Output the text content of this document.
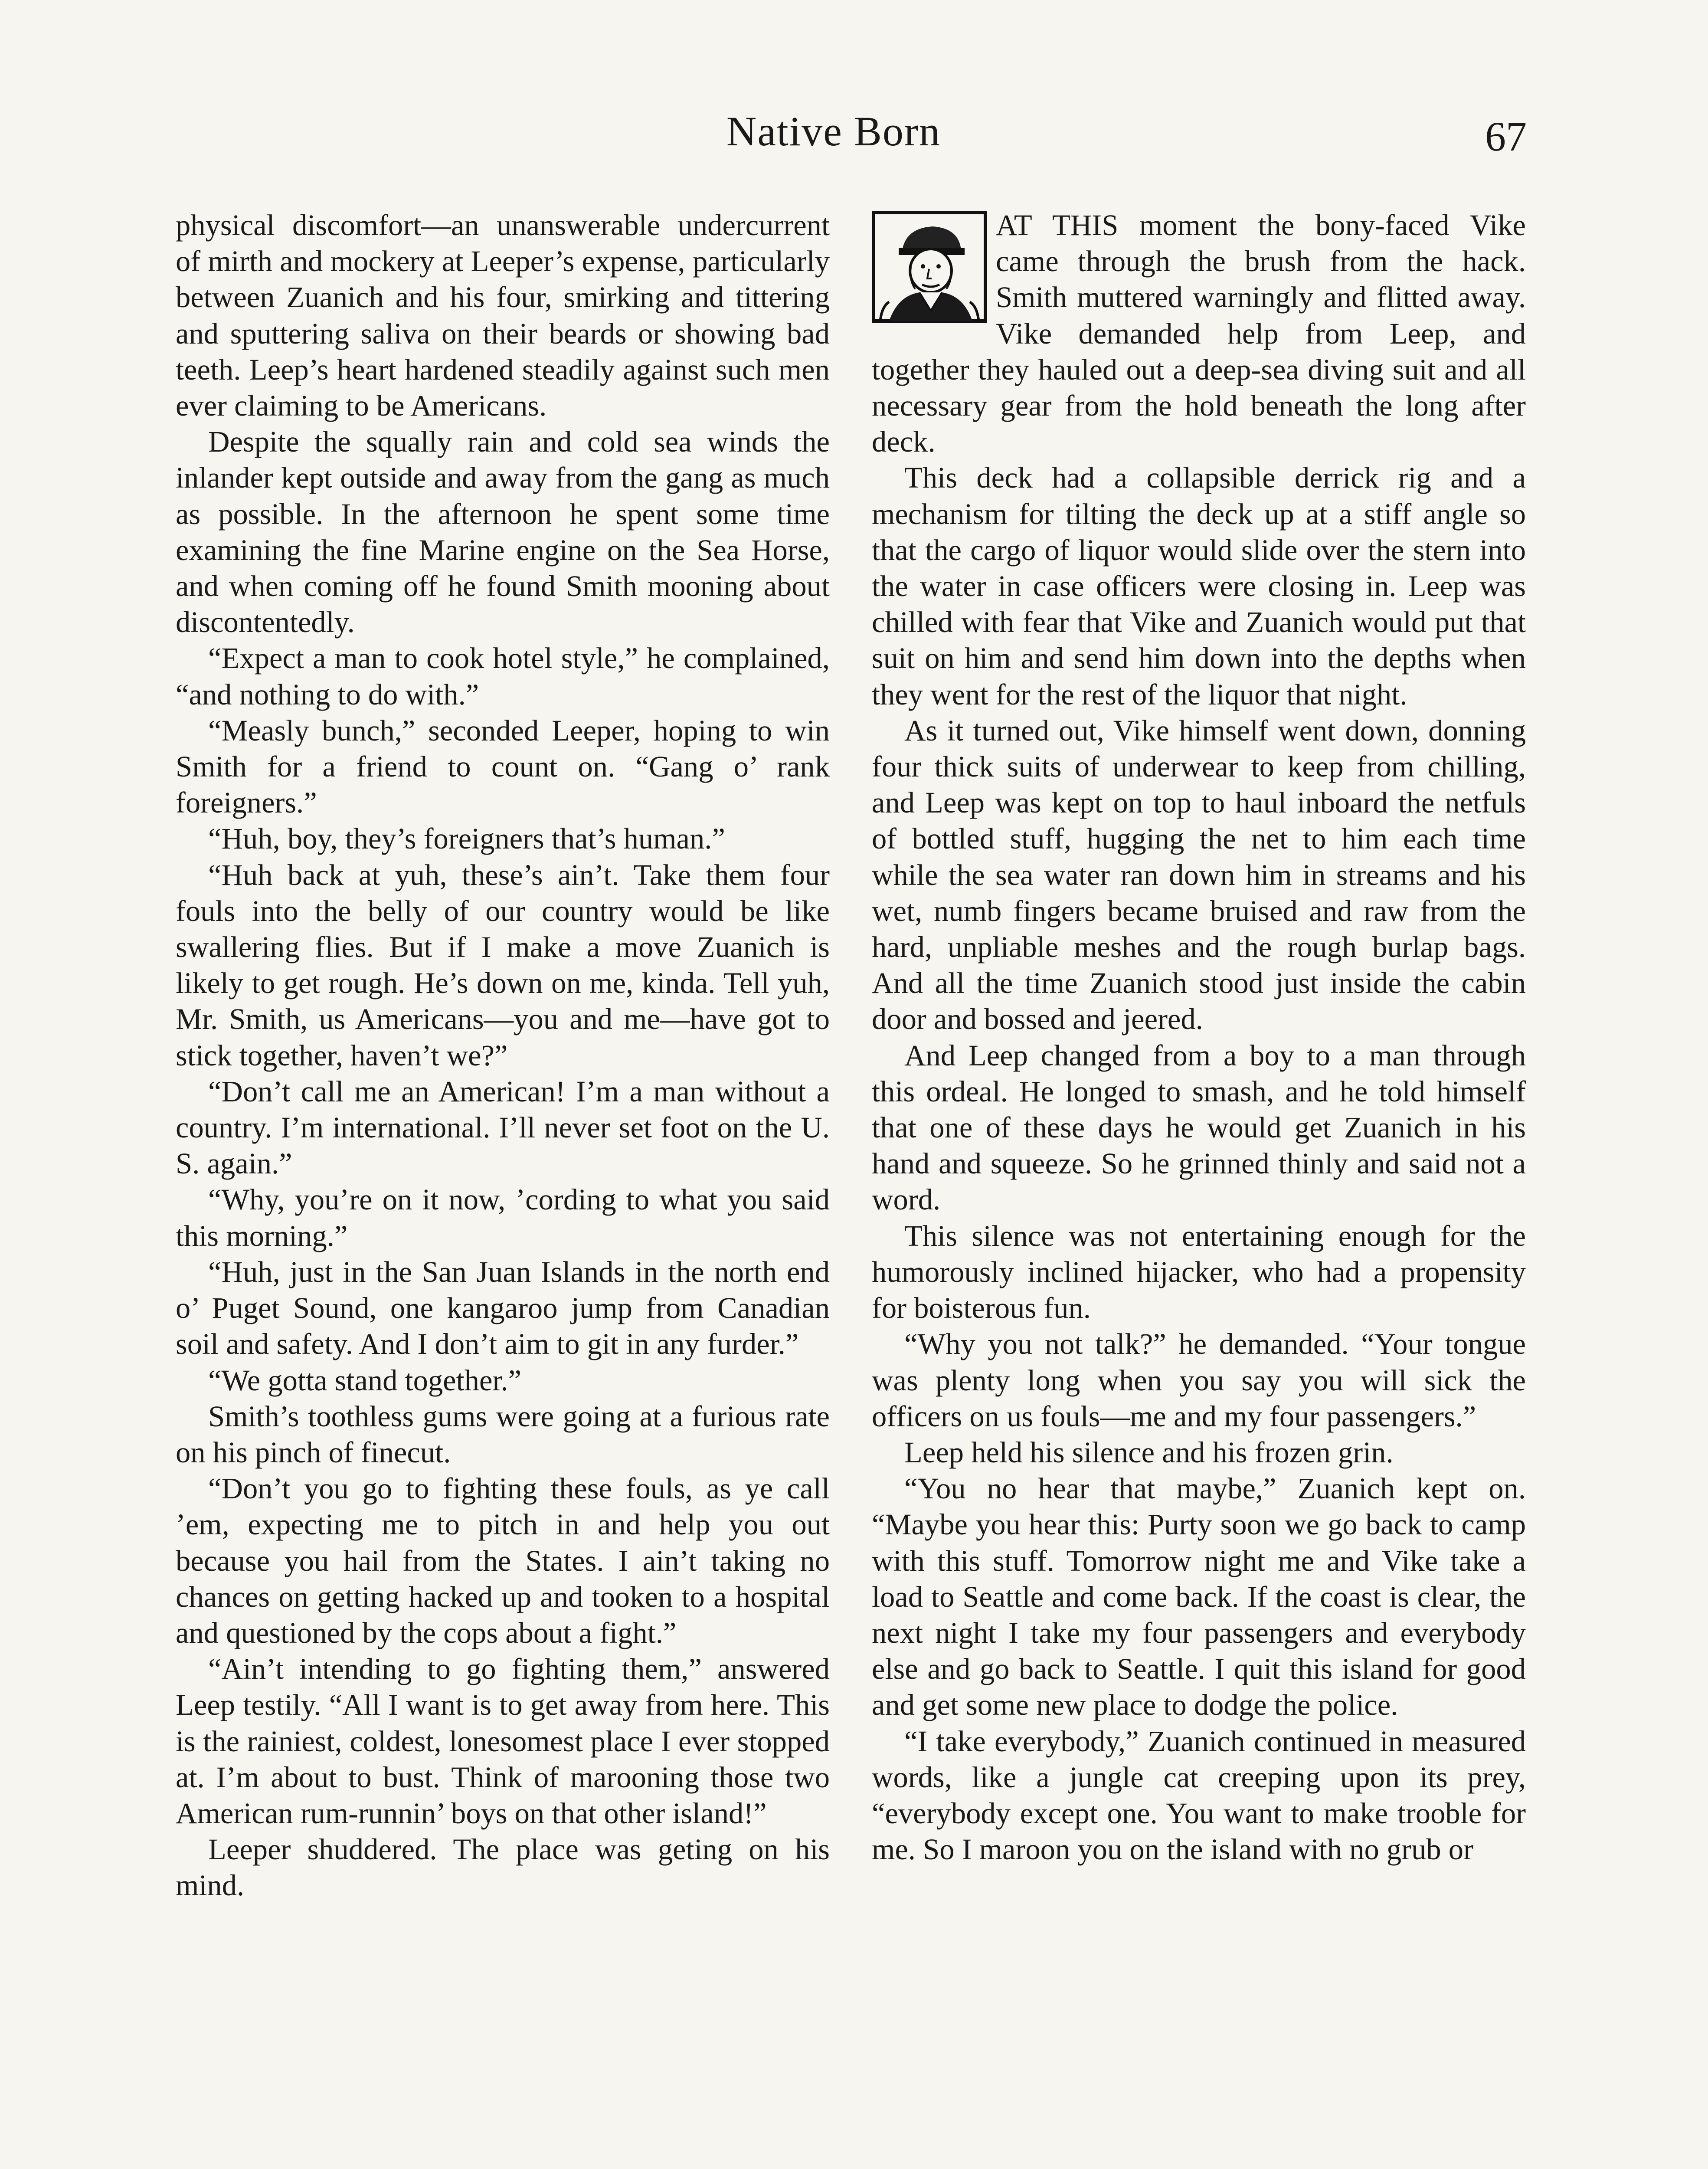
Native Born	67

physical discomfort—an unanswerable undercurrent of mirth and mockery at Leeper’s expense, particularly between Zuanich and his four, smirking and tittering and sputtering saliva on their beards or showing bad teeth. Leep’s heart hardened steadily against such men ever claiming to be Americans.

Despite the squally rain and cold sea winds the inlander kept outside and away from the gang as much as possible. In the afternoon he spent some time examining the fine Marine engine on the Sea Horse, and when coming off he found Smith mooning about discontentedly.

“Expect a man to cook hotel style,” he complained, “and nothing to do with.”

“Measly bunch,” seconded Leeper, hoping to win Smith for a friend to count on. “Gang o’ rank foreigners.”

“Huh, boy, they’s foreigners that’s human.”

“Huh back at yuh, these’s ain’t. Take them four fouls into the belly of our country would be like swallering flies. But if I make a move Zuanich is likely to get rough. He’s down on me, kinda. Tell yuh, Mr. Smith, us Americans—you and me—have got to stick together, haven’t we?”

“Don’t call me an American! I’m a man without a country. I’m international. I’ll never set foot on the U. S. again.”

“Why, you’re on it now, ’cording to what you said this morning.”

“Huh, just in the San Juan Islands in the north end o’ Puget Sound, one kangaroo jump from Canadian soil and safety. And I don’t aim to git in any furder.”

“We gotta stand together.”

Smith’s toothless gums were going at a furious rate on his pinch of finecut.

“Don’t you go to fighting these fouls, as ye call ’em, expecting me to pitch in and help you out because you hail from the States. I ain’t taking no chances on getting hacked up and tooken to a hospital and questioned by the cops about a fight.”

“Ain’t intending to go fighting them,” answered Leep testily. “All I want is to get away from here. This is the rainiest, coldest, lonesomest place I ever stopped at. I’m about to bust. Think of marooning those two American rum-runnin’ boys on that other island!”

Leeper shuddered. The place was geting on his mind.

AT THIS moment the bony-faced Vike came through the brush from the hack. Smith muttered warningly and flitted away. Vike demanded help from Leep, and together they hauled out a deep-sea diving suit and all necessary gear from the hold beneath the long after deck.

This deck had a collapsible derrick rig and a mechanism for tilting the deck up at a stiff angle so that the cargo of liquor would slide over the stern into the water in case officers were closing in. Leep was chilled with fear that Vike and Zuanich would put that suit on him and send him down into the depths when they went for the rest of the liquor that night.

As it turned out, Vike himself went down, donning four thick suits of underwear to keep from chilling, and Leep was kept on top to haul inboard the netfuls of bottled stuff, hugging the net to him each time while the sea water ran down him in streams and his wet, numb fingers became bruised and raw from the hard, unpliable meshes and the rough burlap bags. And all the time Zuanich stood just inside the cabin door and bossed and jeered.

And Leep changed from a boy to a man through this ordeal. He longed to smash, and he told himself that one of these days he would get Zuanich in his hand and squeeze. So he grinned thinly and said not a word.

This silence was not entertaining enough for the humorously inclined hijacker, who had a propensity for boisterous fun.

“Why you not talk?” he demanded. “Your tongue was plenty long when you say you will sick the officers on us fouls—me and my four passengers.”

Leep held his silence and his frozen grin.

“You no hear that maybe,” Zuanich kept on. “Maybe you hear this: Purty soon we go back to camp with this stuff. Tomorrow night me and Vike take a load to Seattle and come back. If the coast is clear, the next night I take my four passengers and everybody else and go back to Seattle. I quit this island for good and get some new place to dodge the police.

“I take everybody,” Zuanich continued in measured words, like a jungle cat creeping upon its prey, “everybody except one. You want to make trooble for me. So I maroon you on the island with no grub or
